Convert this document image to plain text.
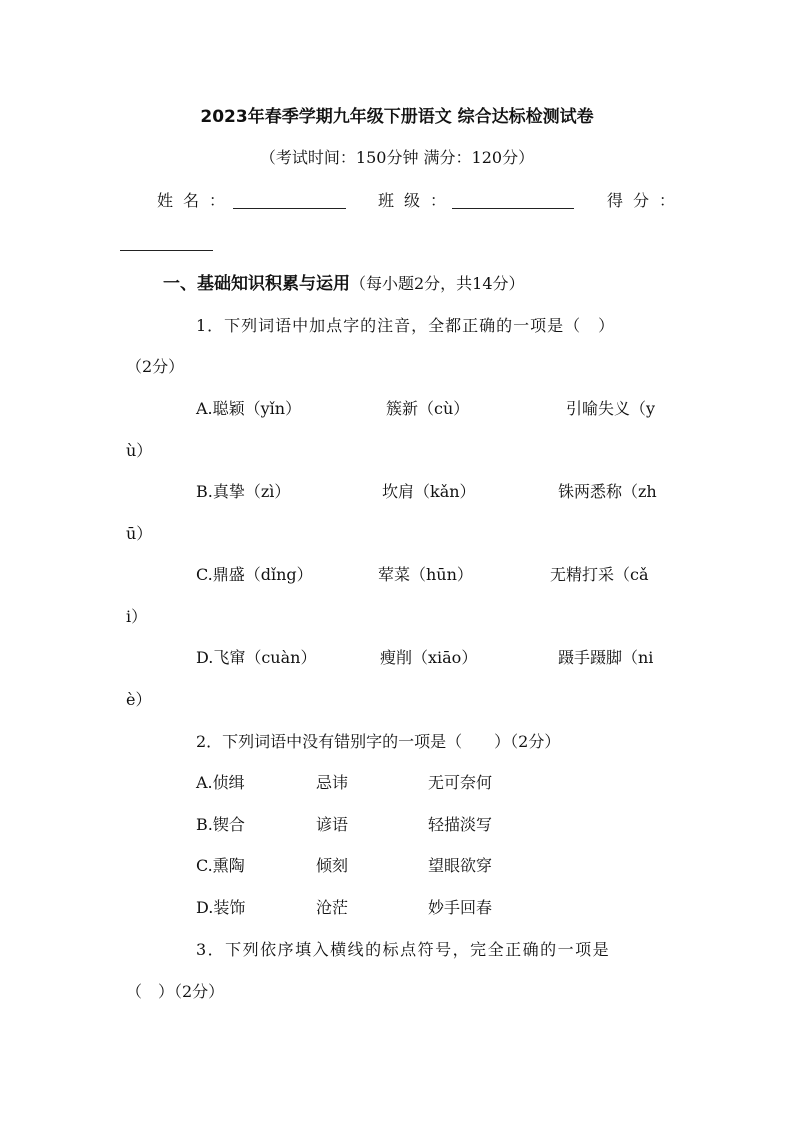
2023年春季学期九年级下册语文 综合达标检测试卷
（考试时间：150分钟 满分：120分）
姓名：	班级：	得分：
一、基础知识积累与运用（每小题2分，共14分）
1．下列词语中加点字的注音，全都正确的一项是（　）
（2分）
A.聪颖（yǐn）	簇新（cù）	引喻失义（y
ù）
B.真挚（zì）	坎肩（kǎn）	铢两悉称（zh
ū）
C.鼎盛（dǐng）	荤菜（hūn）	无精打采（cǎ
i）
D.飞窜（cuàn）	瘦削（xiāo）	蹑手蹑脚（ni
è）
2．下列词语中没有错别字的一项是（　　）（2分）
A.侦缉	忌讳	无可奈何
B.锲合	谚语	轻描淡写
C.熏陶	倾刻	望眼欲穿
D.装饰	沧茫	妙手回春
3．下列依序填入横线的标点符号，完全正确的一项是
（　）（2分）
